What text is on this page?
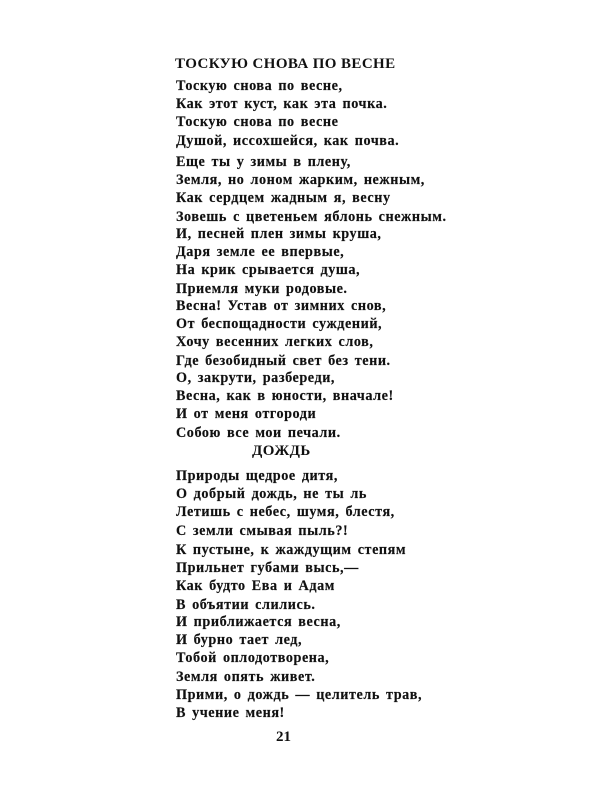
ТОСКУЮ СНОВА ПО ВЕСНЕ
Тоскую снова по весне,
Как этот куст, как эта почка.
Тоскую снова по весне
Душой, иссохшейся, как почва.
Еще ты у зимы в плену,
Земля, но лоном жарким, нежным,
Как сердцем жадным я, весну
Зовешь с цветеньем яблонь снежным.
И, песней плен зимы круша,
Даря земле ее впервые,
На крик срывается душа,
Приемля муки родовые.
Весна! Устав от зимних снов,
От беспощадности суждений,
Хочу весенних легких слов,
Где безобидный свет без тени.
О, закрути, разбереди,
Весна, как в юности, вначале!
И от меня отгороди
Собою все мои печали.
ДОЖДЬ
Природы щедрое дитя,
О добрый дождь, не ты ль
Летишь с небес, шумя, блестя,
С земли смывая пыль?!
К пустыне, к жаждущим степям
Прильнет губами высь,—
Как будто Ева и Адам
В объятии слились.
И приближается весна,
И бурно тает лед,
Тобой оплодотворена,
Земля опять живет.
Прими, о дождь — целитель трав,
В учение меня!

21
